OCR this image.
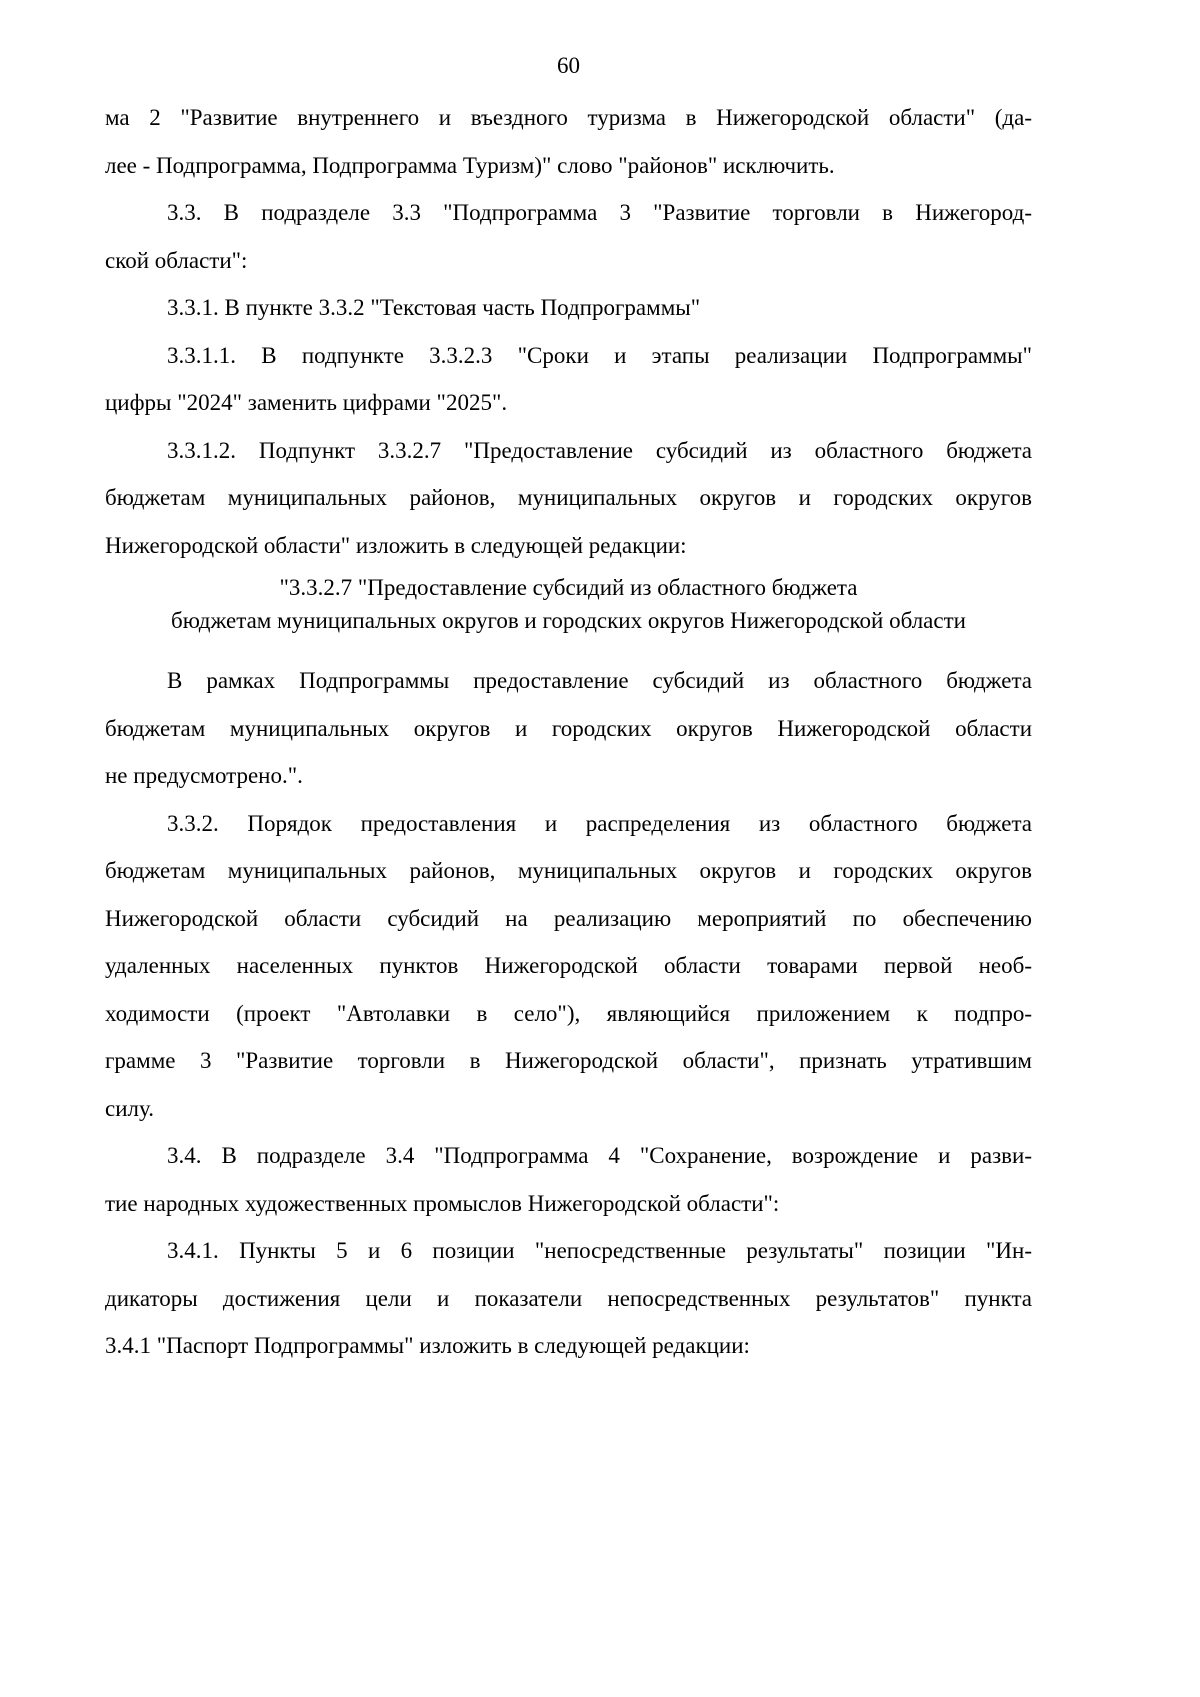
60
ма 2 "Развитие внутреннего и въездного туризма в Нижегородской области" (да-
лее - Подпрограмма, Подпрограмма Туризм)" слово "районов" исключить.
3.3. В подразделе 3.3 "Подпрограмма 3 "Развитие торговли в Нижегород-
ской области":
3.3.1. В пункте 3.3.2 "Текстовая часть Подпрограммы"
3.3.1.1. В подпункте 3.3.2.3 "Сроки и этапы реализации Подпрограммы"
цифры "2024" заменить цифрами "2025".
3.3.1.2. Подпункт 3.3.2.7 "Предоставление субсидий из областного бюджета
бюджетам муниципальных районов, муниципальных округов и городских округов
Нижегородской области" изложить в следующей редакции:
"3.3.2.7 "Предоставление субсидий из областного бюджета
бюджетам муниципальных округов и городских округов Нижегородской области
В рамках Подпрограммы предоставление субсидий из областного бюджета
бюджетам муниципальных округов и городских округов Нижегородской области
не предусмотрено.".
3.3.2. Порядок предоставления и распределения из областного бюджета
бюджетам муниципальных районов, муниципальных округов и городских округов
Нижегородской области субсидий на реализацию мероприятий по обеспечению
удаленных населенных пунктов Нижегородской области товарами первой необ-
ходимости (проект "Автолавки в село"), являющийся приложением к подпро-
грамме 3 "Развитие торговли в Нижегородской области", признать утратившим
силу.
3.4. В подразделе 3.4 "Подпрограмма 4 "Сохранение, возрождение и разви-
тие народных художественных промыслов Нижегородской области":
3.4.1. Пункты 5 и 6 позиции "непосредственные результаты" позиции "Ин-
дикаторы достижения цели и показатели непосредственных результатов" пункта
3.4.1 "Паспорт Подпрограммы" изложить в следующей редакции:
